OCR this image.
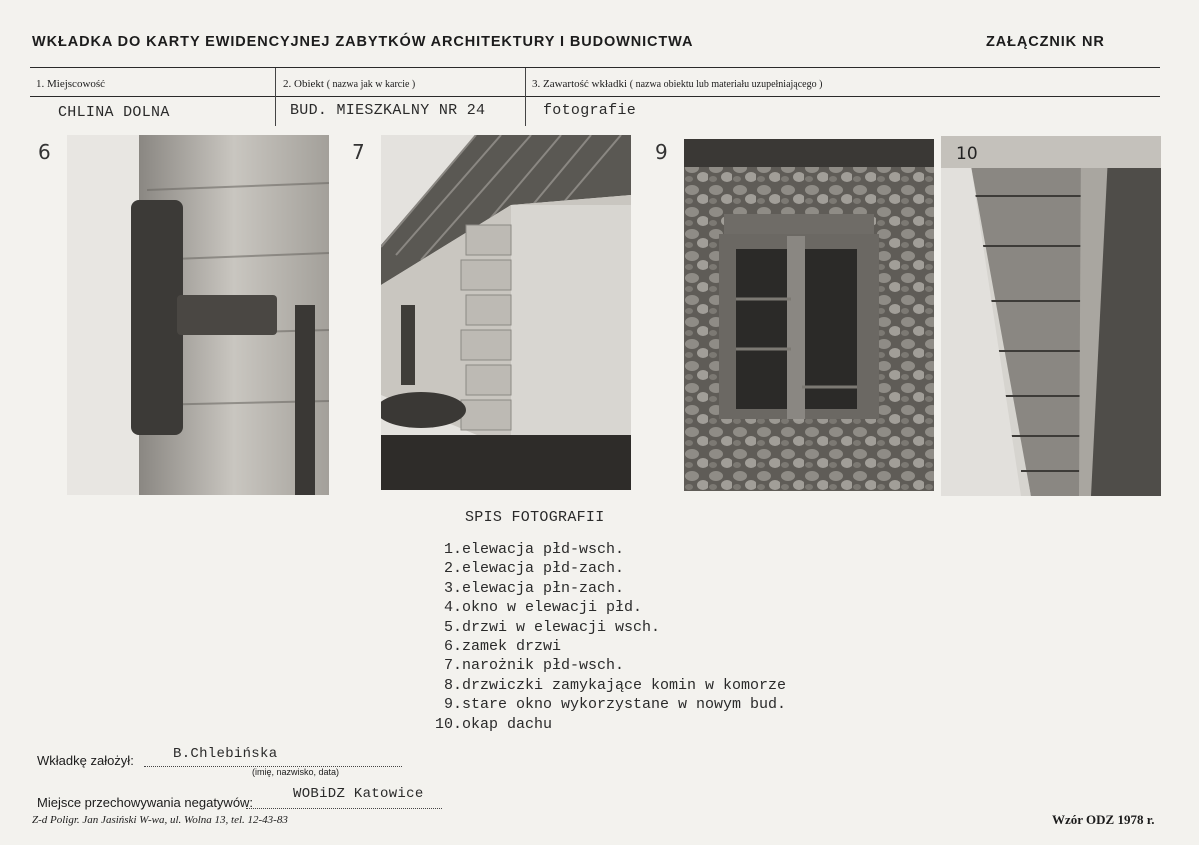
WKŁADKA DO KARTY EWIDENCYJNEJ ZABYTKÓW ARCHITEKTURY I BUDOWNICTWA	ZAŁĄCZNIK NR
1. Miejscowość	2. Obiekt ( nazwa jak w karcie )	3. Zawartość wkładki ( nazwa obiektu lub materiału uzupełniającego )
CHLINA DOLNA	BUD. MIESZKALNY NR 24	fotografie
6	7	9	10
SPIS FOTOGRAFII
1.elewacja płd-wsch.
2.elewacja płd-zach.
3.elewacja płn-zach.
4.okno w elewacji płd.
5.drzwi w elewacji wsch.
6.zamek drzwi
7.narożnik płd-wsch.
8.drzwiczki zamykające komin w komorze
9.stare okno wykorzystane w nowym bud.
10.okap dachu
Wkładkę założył:	B.Chlebińska
(imię, nazwisko, data)
Miejsce przechowywania negatywów:
WOBiDZ Katowice
Z-d Poligr. Jan Jasiński W-wa, ul. Wolna 13, tel. 12-43-83	Wzór ODZ 1978 r.
